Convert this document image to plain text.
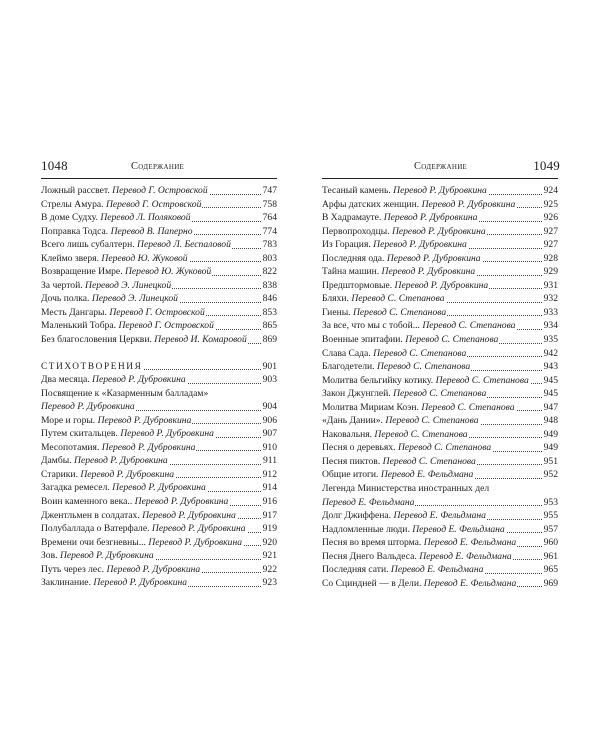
1048	Содержание
Ложный рассвет. Перевод Г. Островской	747
Стрелы Амура. Перевод Г. Островской	758
В доме Судху. Перевод Л. Поляковой	764
Поправка Тодса. Перевод В. Паперно	774
Всего лишь субалтерн. Перевод Л. Беспаловой	783
Клеймо зверя. Перевод Ю. Жуковой	803
Возвращение Имре. Перевод Ю. Жуковой	822
За чертой. Перевод Э. Линецкой	838
Дочь полка. Перевод Э. Линецкой	846
Месть Дангары. Перевод Г. Островской	853
Маленький Тобра. Перевод Г. Островской	865
Без благословения Церкви. Перевод И. Комаровой 869
СТИХОТВОРЕНИЯ	901
Два месяца. Перевод Р. Дубровкина	903
Посвящение к «Казарменным балладам»
Перевод Р. Дубровкина	904
Море и горы. Перевод Р. Дубровкина	906
Путем скитальцев. Перевод Р. Дубровкина	907
Месопотамия. Перевод Р. Дубровкина	910
Дамбы. Перевод Р. Дубровкина	911
Старики. Перевод Р. Дубровкина	912
Загадка ремесел. Перевод Р. Дубровкина	914
Воин каменного века.. Перевод Р. Дубровкина	916
Джентльмен в солдатах. Перевод Р. Дубровкина	917
Полубаллада о Ватерфале. Перевод Р. Дубровкина 919
Времени очи безгневны... Перевод Р. Дубровкина 920
Зов. Перевод Р. Дубровкина	921
Путь через лес. Перевод Р. Дубровкина	922
Заклинание. Перевод Р. Дубровкина	923
Содержание	1049
Тесаный камень. Перевод Р. Дубровкина	924
Арфы датских женщин. Перевод Р. Дубровкина	925
В Хадрамауте. Перевод Р. Дубровкина	926
Первопроходцы. Перевод Р. Дубровкина	927
Из Горация. Перевод Р. Дубровкина	927
Последняя ода. Перевод Р. Дубровкина	928
Тайна машин. Перевод Р. Дубровкина	929
Предштормовые. Перевод Р. Дубровкина	931
Бляхи. Перевод С. Степанова	932
Гиены. Перевод С. Степанова	933
За все, что мы с тобой... Перевод С. Степанова	934
Военные эпитафии. Перевод С. Степанова	935
Слава Сада. Перевод С. Степанова	942
Благодетели. Перевод С. Степанова	943
Молитва бельгийку котику. Перевод С. Степанова 945
Закон Джунглей. Перевод С. Степанова	945
Молитва Мириам Коэн. Перевод С. Степанова	947
«Дань Дании». Перевод С. Степанова	948
Наковальня. Перевод С. Степанова	949
Песня о деревьях. Перевод С. Степанова	949
Песня пиктов. Перевод С. Степанова	951
Общие итоги. Перевод Е. Фельдмана	952
Легенда Министерства иностранных дел
Перевод Е. Фельдмана	953
Долг Джиффена. Перевод Е. Фельдмана	955
Надломленные люди. Перевод Е. Фельдмана	957
Песня во время шторма. Перевод Е. Фельдмана	960
Песня Днего Вальдеса. Перевод Е. Фельдмана	961
Последняя сати. Перевод Е. Фельдмана	965
Со Сциндней — в Дели. Перевод Е. Фельдмана	969
